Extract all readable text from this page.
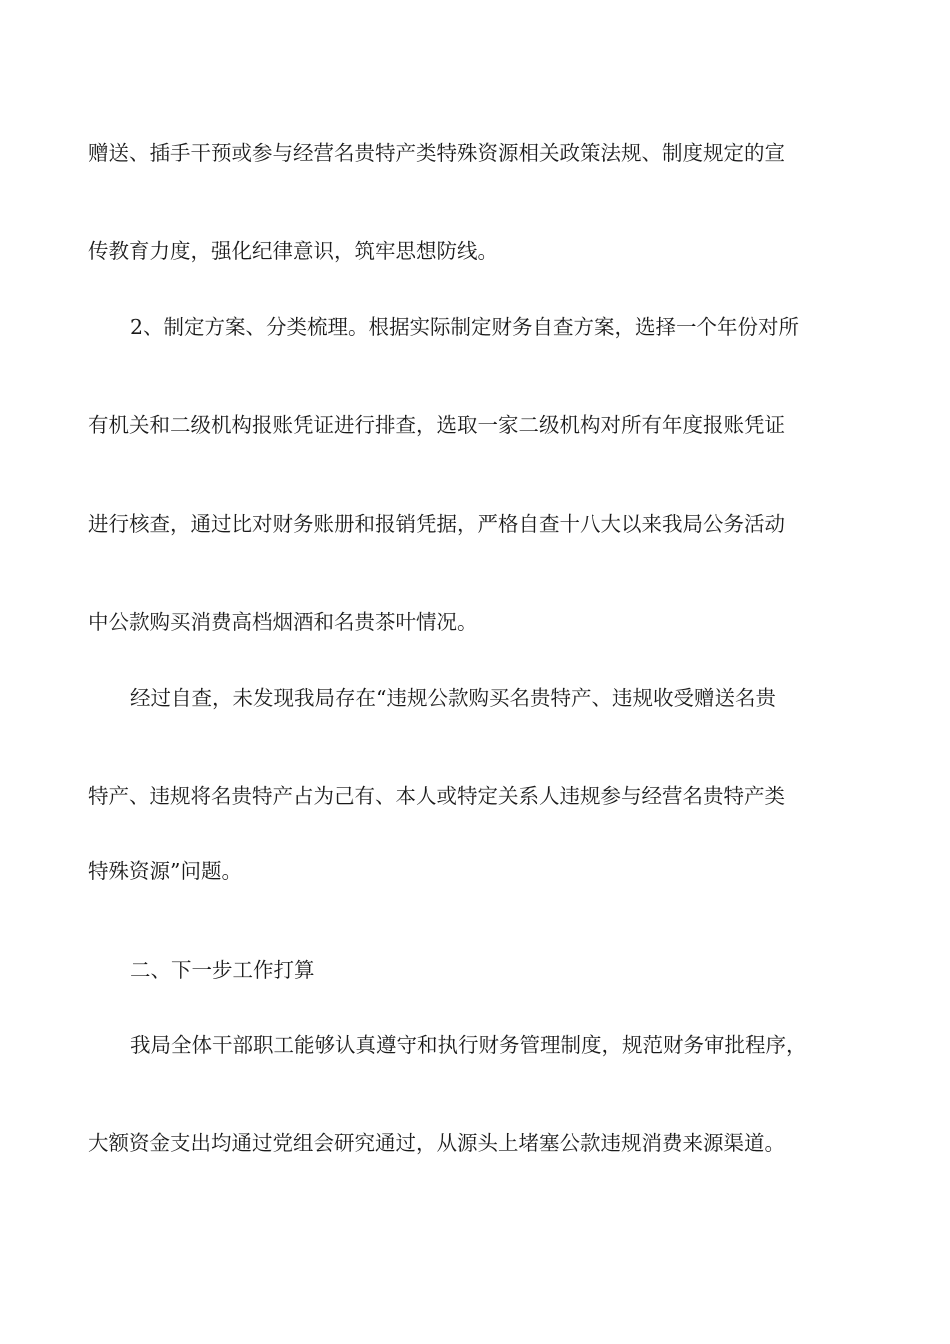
赠送、插手干预或参与经营名贵特产类特殊资源相关政策法规、制度规定的宣
传教育力度，强化纪律意识，筑牢思想防线。
2、制定方案、分类梳理。根据实际制定财务自查方案，选择一个年份对所
有机关和二级机构报账凭证进行排查，选取一家二级机构对所有年度报账凭证
进行核查，通过比对财务账册和报销凭据，严格自查十八大以来我局公务活动
中公款购买消费高档烟酒和名贵茶叶情况。
经过自查，未发现我局存在“违规公款购买名贵特产、违规收受赠送名贵
特产、违规将名贵特产占为己有、本人或特定关系人违规参与经营名贵特产类
特殊资源”问题。
二、下一步工作打算
我局全体干部职工能够认真遵守和执行财务管理制度，规范财务审批程序，
大额资金支出均通过党组会研究通过，从源头上堵塞公款违规消费来源渠道。
